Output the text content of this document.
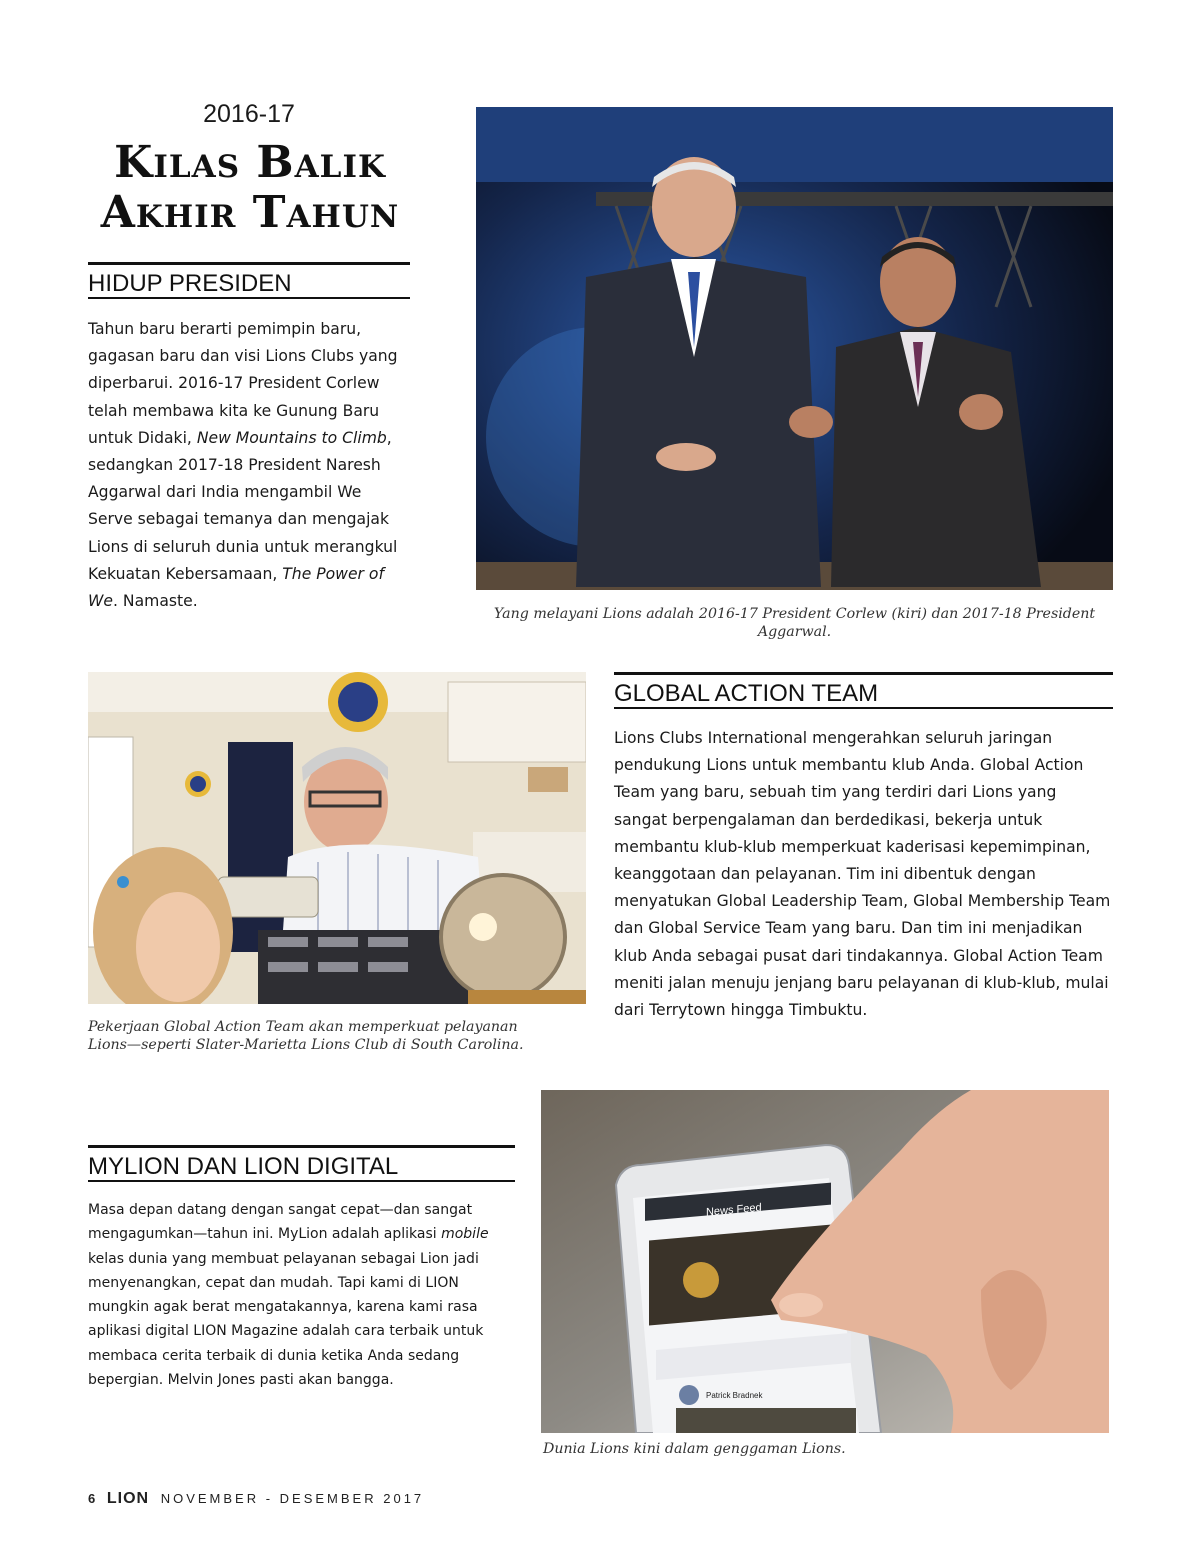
2016-17
Kilas Balik
Akhir Tahun
HIDUP PRESIDEN
Tahun baru berarti pemimpin baru, gagasan baru dan visi Lions Clubs yang diperbarui. 2016-17 President Corlew telah membawa kita ke Gunung Baru untuk Didaki, New Mountains to Climb, sedangkan 2017-18 President Naresh Aggarwal dari India mengambil We Serve sebagai temanya dan mengajak Lions di seluruh dunia untuk merangkul Kekuatan Kebersamaan, The Power of We. Namaste.
Yang melayani Lions adalah 2016-17 President Corlew (kiri) dan 2017-18 President Aggarwal.
Pekerjaan Global Action Team akan memperkuat pelayanan
Lions—seperti Slater-Marietta Lions Club di South Carolina.
GLOBAL ACTION TEAM
Lions Clubs International mengerahkan seluruh jaringan pendukung Lions untuk membantu klub Anda. Global Action Team yang baru, sebuah tim yang terdiri dari Lions yang sangat berpengalaman dan berdedikasi, bekerja untuk membantu klub-klub memperkuat kaderisasi kepemimpinan, keanggotaan dan pelayanan. Tim ini dibentuk dengan menyatukan Global Leadership Team, Global Membership Team dan Global Service Team yang baru. Dan tim ini menjadikan klub Anda sebagai pusat dari tindakannya. Global Action Team meniti jalan menuju jenjang baru pelayanan di klub-klub, mulai dari Terrytown hingga Timbuktu.
MYLION DAN LION DIGITAL
Masa depan datang dengan sangat cepat—dan sangat mengagumkan—tahun ini. MyLion adalah aplikasi mobile kelas dunia yang membuat pelayanan sebagai Lion jadi menyenangkan, cepat dan mudah. Tapi kami di LION mungkin agak berat mengatakannya, karena kami rasa aplikasi digital LION Magazine adalah cara terbaik untuk membaca cerita terbaik di dunia ketika Anda sedang bepergian. Melvin Jones pasti akan bangga.
News Feed
Patrick Bradnek
Dunia Lions kini dalam genggaman Lions.
6 LION NOVEMBER - DESEMBER 2017
